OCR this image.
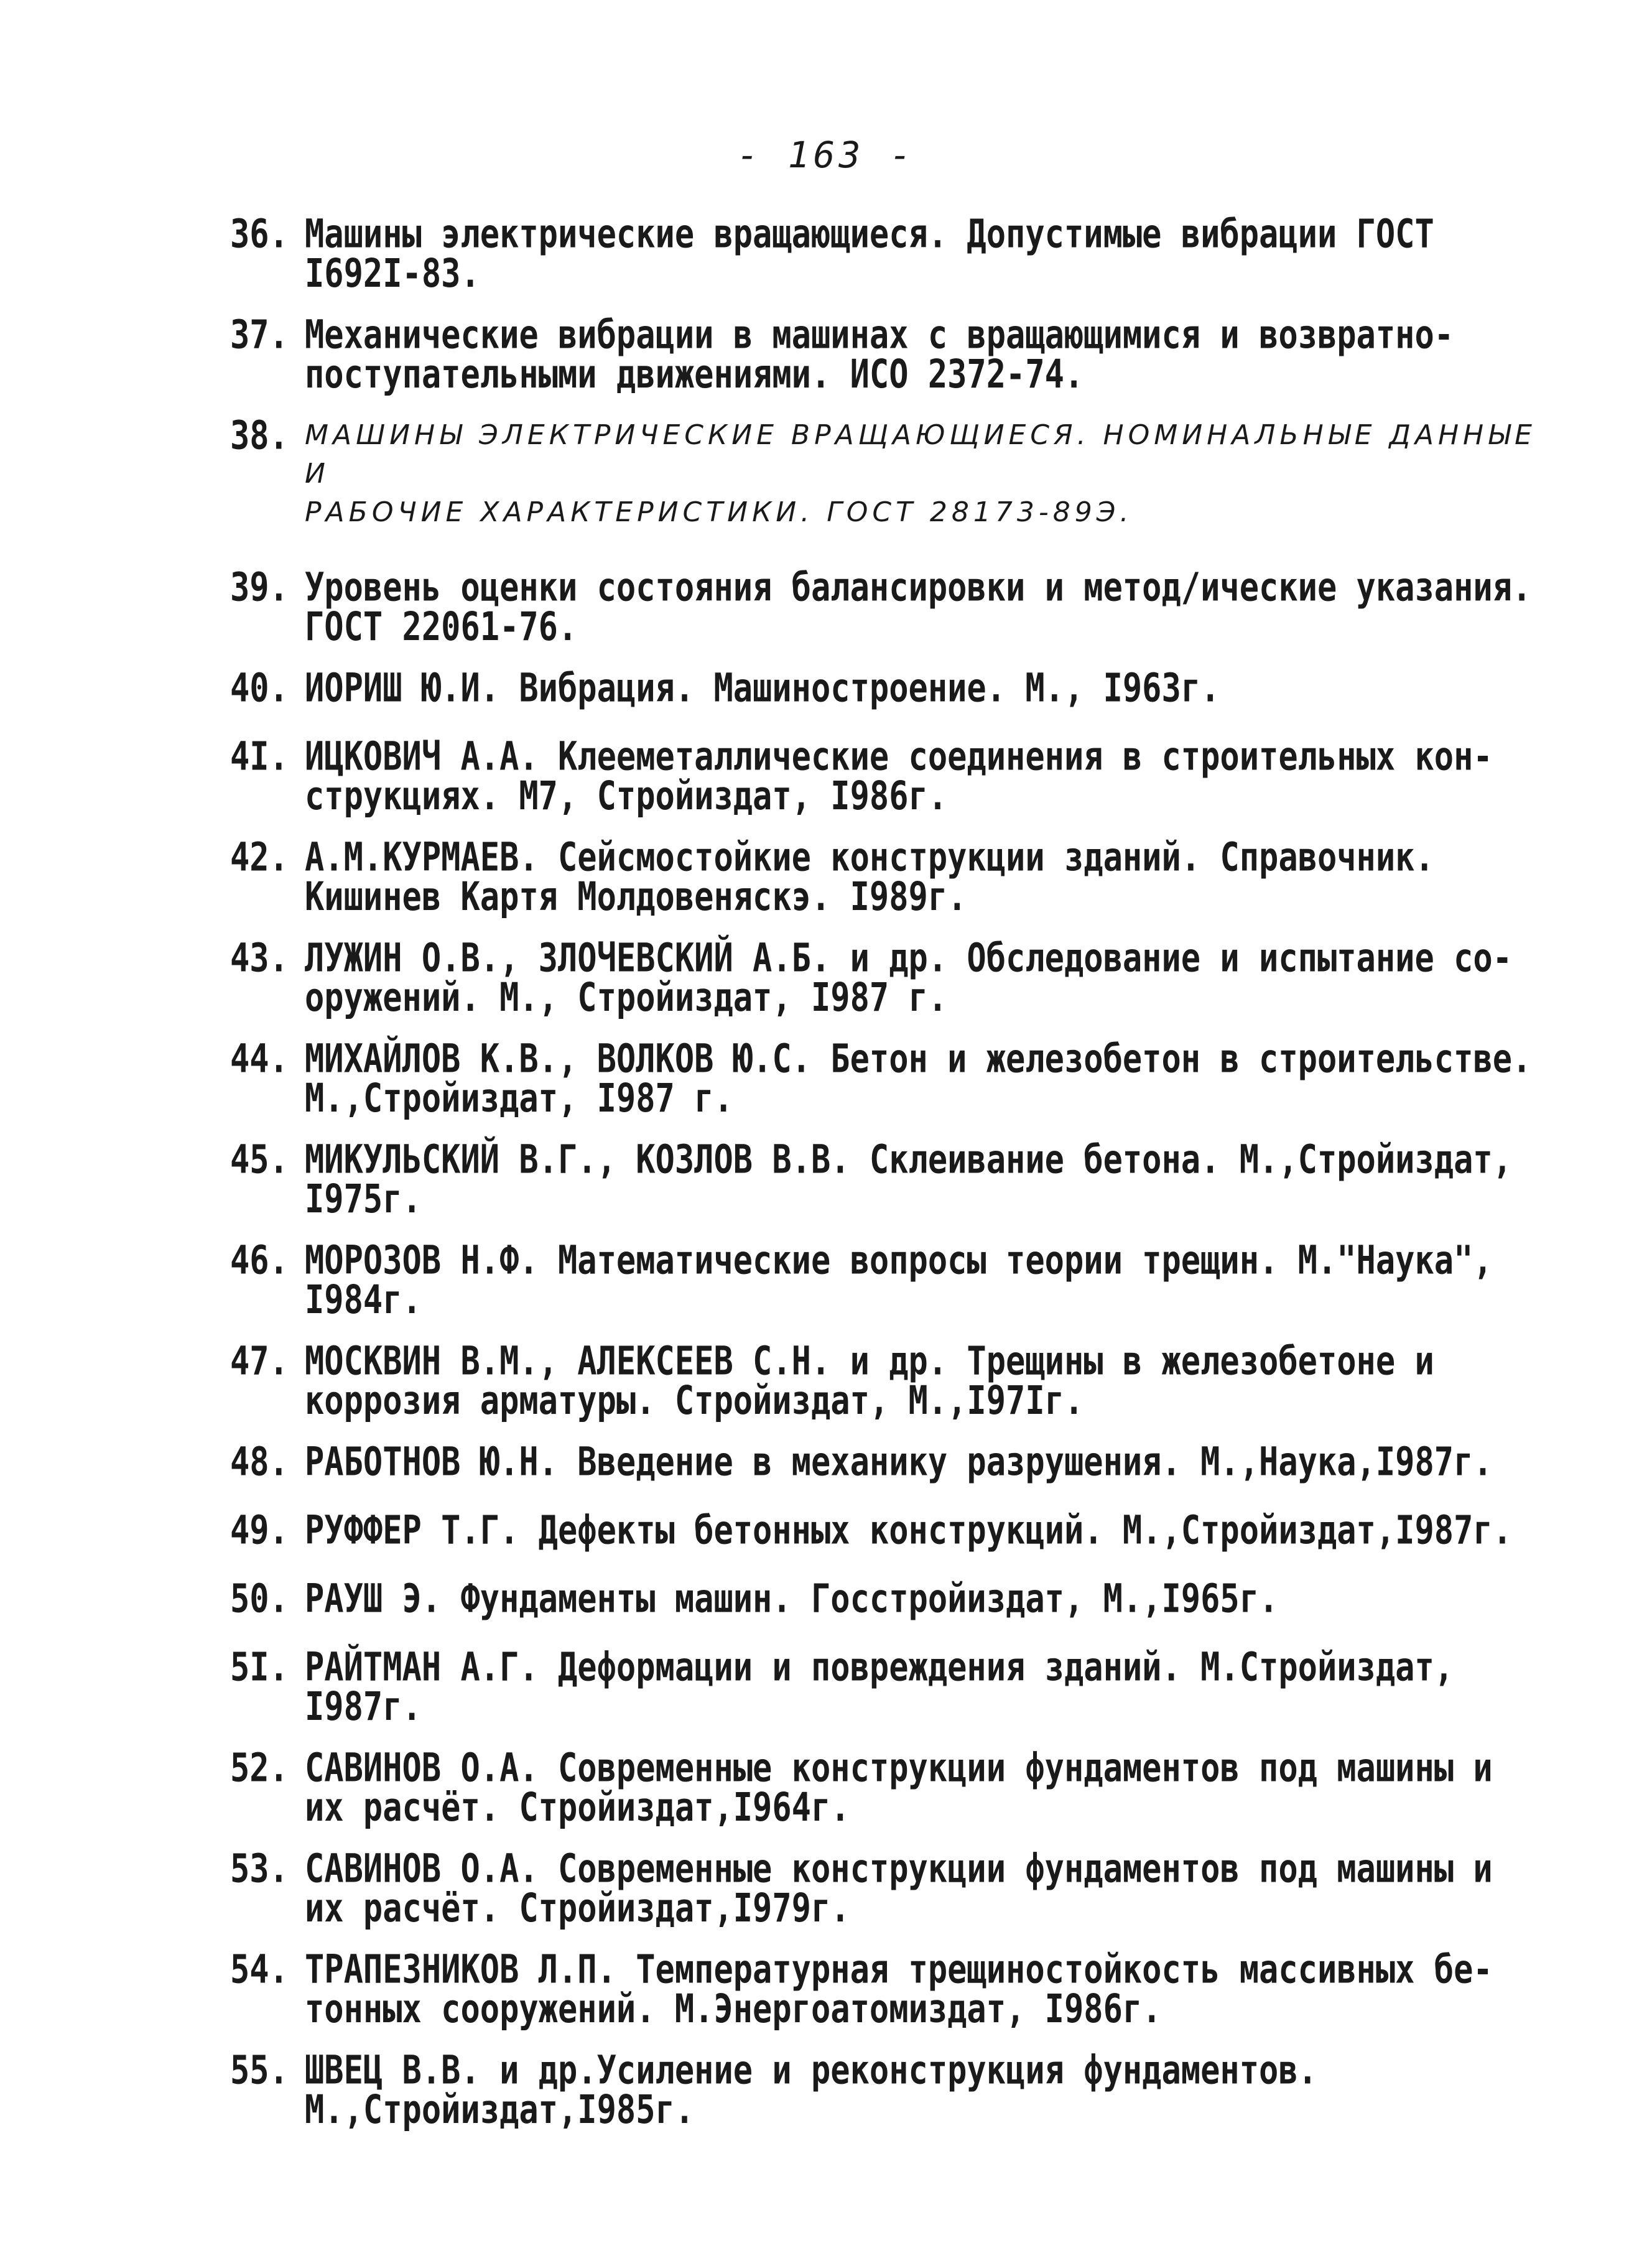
- 163 -
36. Машины электрические вращающиеся. Допустимые вибрации ГОСТ
I692I-83.
37. Механические вибрации в машинах с вращающимися и возвратно-
поступательными движениями. ИСО 2372-74.
38. МАШИНЫ ЭЛЕКТРИЧЕСКИЕ ВРАЩАЮЩИЕСЯ. НОМИНАЛЬНЫЕ ДАННЫЕ И
РАБОЧИЕ ХАРАКТЕРИСТИКИ. ГОСТ 28173-89Э.
39. Уровень оценки состояния балансировки и метод/ические указания.
ГОСТ 22061-76.
40. ИОРИШ Ю.И. Вибрация. Машиностроение. М., I963г.
4I. ИЦКОВИЧ А.А. Клееметаллические соединения в строительных кон-
струкциях. М7, Стройиздат, I986г.
42. А.М.КУРМАЕВ. Сейсмостойкие конструкции зданий. Справочник.
Кишинев Картя Молдовеняскэ. I989г.
43. ЛУЖИН О.В., ЗЛОЧЕВСКИЙ А.Б. и др. Обследование и испытание со-
оружений. М., Стройиздат, I987 г.
44. МИХАЙЛОВ К.В., ВОЛКОВ Ю.С. Бетон и железобетон в строительстве.
М.,Стройиздат, I987 г.
45. МИКУЛЬСКИЙ В.Г., КОЗЛОВ В.В. Склеивание бетона. М.,Стройиздат,
I975г.
46. МОРОЗОВ Н.Ф. Математические вопросы теории трещин. М."Наука",
I984г.
47. МОСКВИН В.М., АЛЕКСЕЕВ С.Н. и др. Трещины в железобетоне и
коррозия арматуры. Стройиздат, М.,I97Iг.
48. РАБОТНОВ Ю.Н. Введение в механику разрушения. М.,Наука,I987г.
49. РУФФЕР Т.Г. Дефекты бетонных конструкций. М.,Стройиздат,I987г.
50. РАУШ Э. Фундаменты машин. Госстройиздат, М.,I965г.
5I. РАЙТМАН А.Г. Деформации и повреждения зданий. М.Стройиздат,
I987г.
52. САВИНОВ О.А. Современные конструкции фундаментов под машины и
их расчёт. Стройиздат,I964г.
53. САВИНОВ О.А. Современные конструкции фундаментов под машины и
их расчёт. Стройиздат,I979г.
54. ТРАПЕЗНИКОВ Л.П. Температурная трещиностойкость массивных бе-
тонных сооружений. М.Энергоатомиздат, I986г.
55. ШВЕЦ В.В. и др.Усиление и реконструкция фундаментов.
М.,Стройиздат,I985г.
